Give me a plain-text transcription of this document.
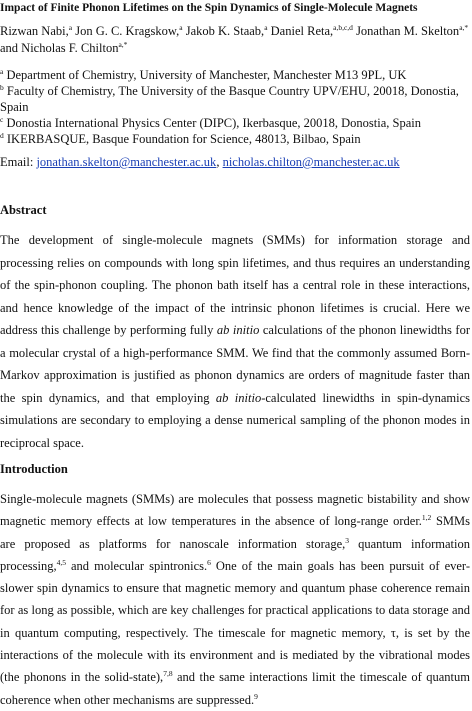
Impact of Finite Phonon Lifetimes on the Spin Dynamics of Single-Molecule Magnets
Rizwan Nabi,$^a$ Jon G. C. Kragskow,$^a$ Jakob K. Staab,$^a$ Daniel Reta,$^{a,b,c,d}$ Jonathan M. Skelton$^{a,*}$ and Nicholas F. Chilton$^{a,*}$
$^a$ Department of Chemistry, University of Manchester, Manchester M13 9PL, UK
$^b$ Faculty of Chemistry, The University of the Basque Country UPV/EHU, 20018, Donostia, Spain
$^c$ Donostia International Physics Center (DIPC), Ikerbasque, 20018, Donostia, Spain
$^d$ IKERBASQUE, Basque Foundation for Science, 48013, Bilbao, Spain
Email: jonathan.skelton@manchester.ac.uk, nicholas.chilton@manchester.ac.uk
Abstract

The development of single-molecule magnets (SMMs) for information storage and processing relies on compounds with long spin lifetimes, and thus requires an understanding of the spin-phonon coupling. The phonon bath itself has a central role in these interactions, and hence knowledge of the impact of the intrinsic phonon lifetimes is crucial. Here we address this challenge by performing fully ab initio calculations of the phonon linewidths for a molecular crystal of a high-performance SMM. We find that the commonly assumed Born-Markov approximation is justified as phonon dynamics are orders of magnitude faster than the spin dynamics, and that employing ab initio-calculated linewidths in spin-dynamics simulations are secondary to employing a dense numerical sampling of the phonon modes in reciprocal space.

Introduction

Single-molecule magnets (SMMs) are molecules that possess magnetic bistability and show magnetic memory effects at low temperatures in the absence of long-range order.$^{1,2}$ SMMs are proposed as platforms for nanoscale information storage,$^3$ quantum information processing,$^{4,5}$ and molecular spintronics.$^6$ One of the main goals has been pursuit of ever-slower spin dynamics to ensure that magnetic memory and quantum phase coherence remain for as long as possible, which are key challenges for practical applications to data storage and in quantum computing, respectively. The timescale for magnetic memory, τ, is set by the interactions of the molecule with its environment and is mediated by the vibrational modes (the phonons in the solid-state),$^{7,8}$ and the same interactions limit the timescale of quantum coherence when other mechanisms are suppressed.$^9$
